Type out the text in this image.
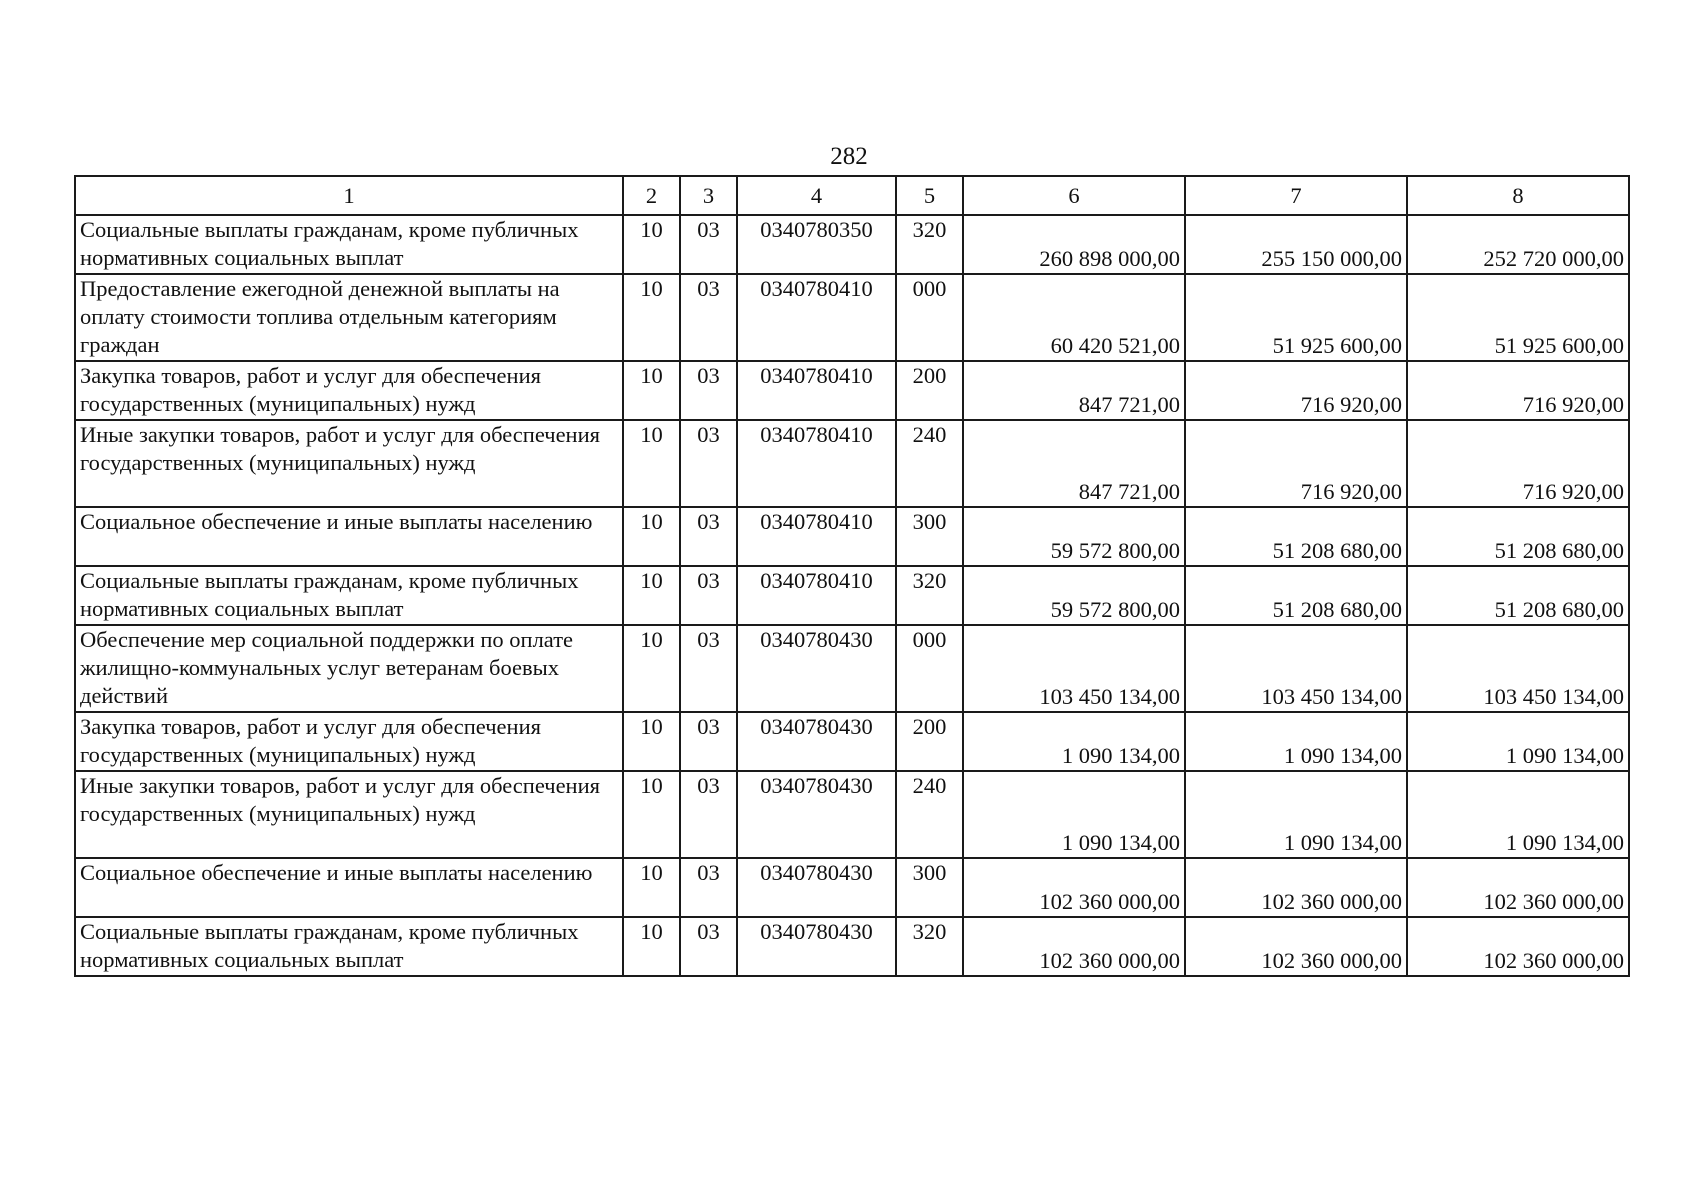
282
1	2	3	4	5	6	7	8
Социальные выплаты гражданам, кроме публичных нормативных социальных выплат	10	03	0340780350	320	260 898 000,00	255 150 000,00	252 720 000,00
Предоставление ежегодной денежной выплаты на оплату стоимости топлива отдельным категориям граждан	10	03	0340780410	000	60 420 521,00	51 925 600,00	51 925 600,00
Закупка товаров, работ и услуг для обеспечения государственных (муниципальных) нужд	10	03	0340780410	200	847 721,00	716 920,00	716 920,00
Иные закупки товаров, работ и услуг для обеспечения государственных (муниципальных) нужд	10	03	0340780410	240	847 721,00	716 920,00	716 920,00
Социальное обеспечение и иные выплаты населению	10	03	0340780410	300	59 572 800,00	51 208 680,00	51 208 680,00
Социальные выплаты гражданам, кроме публичных нормативных социальных выплат	10	03	0340780410	320	59 572 800,00	51 208 680,00	51 208 680,00
Обеспечение мер социальной поддержки по оплате жилищно-коммунальных услуг ветеранам боевых действий	10	03	0340780430	000	103 450 134,00	103 450 134,00	103 450 134,00
Закупка товаров, работ и услуг для обеспечения государственных (муниципальных) нужд	10	03	0340780430	200	1 090 134,00	1 090 134,00	1 090 134,00
Иные закупки товаров, работ и услуг для обеспечения государственных (муниципальных) нужд	10	03	0340780430	240	1 090 134,00	1 090 134,00	1 090 134,00
Социальное обеспечение и иные выплаты населению	10	03	0340780430	300	102 360 000,00	102 360 000,00	102 360 000,00
Социальные выплаты гражданам, кроме публичных нормативных социальных выплат	10	03	0340780430	320	102 360 000,00	102 360 000,00	102 360 000,00
